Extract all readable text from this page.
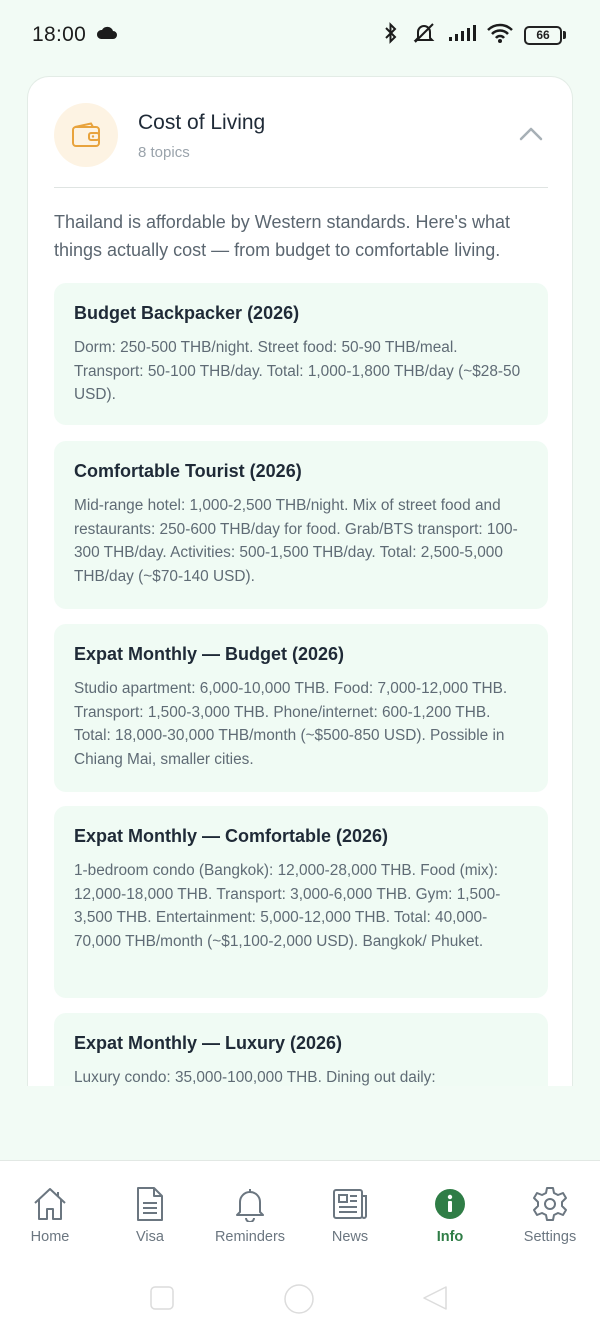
18:00	66
Cost of Living
8 topics
Thailand is affordable by Western standards. Here's what things actually cost — from budget to comfortable living.
Budget Backpacker (2026)
Dorm: 250-500 THB/night. Street food: 50-90 THB/meal. Transport: 50-100 THB/day. Total: 1,000-1,800 THB/day (~$28-50 USD).
Comfortable Tourist (2026)
Mid-range hotel: 1,000-2,500 THB/night. Mix of street food and restaurants: 250-600 THB/day for food. Grab/BTS transport: 100-300 THB/day. Activities: 500-1,500 THB/day. Total: 2,500-5,000 THB/day (~$70-140 USD).
Expat Monthly — Budget (2026)
Studio apartment: 6,000-10,000 THB. Food: 7,000-12,000 THB. Transport: 1,500-3,000 THB. Phone/internet: 600-1,200 THB. Total: 18,000-30,000 THB/month (~$500-850 USD). Possible in Chiang Mai, smaller cities.
Expat Monthly — Comfortable (2026)
1-bedroom condo (Bangkok): 12,000-28,000 THB. Food (mix): 12,000-18,000 THB. Transport: 3,000-6,000 THB. Gym: 1,500-3,500 THB. Entertainment: 5,000-12,000 THB. Total: 40,000-70,000 THB/month (~$1,100-2,000 USD). Bangkok/ Phuket.
Expat Monthly — Luxury (2026)
Luxury condo: 35,000-100,000 THB. Dining out daily:
Home	Visa	Reminders	News	Info	Settings
